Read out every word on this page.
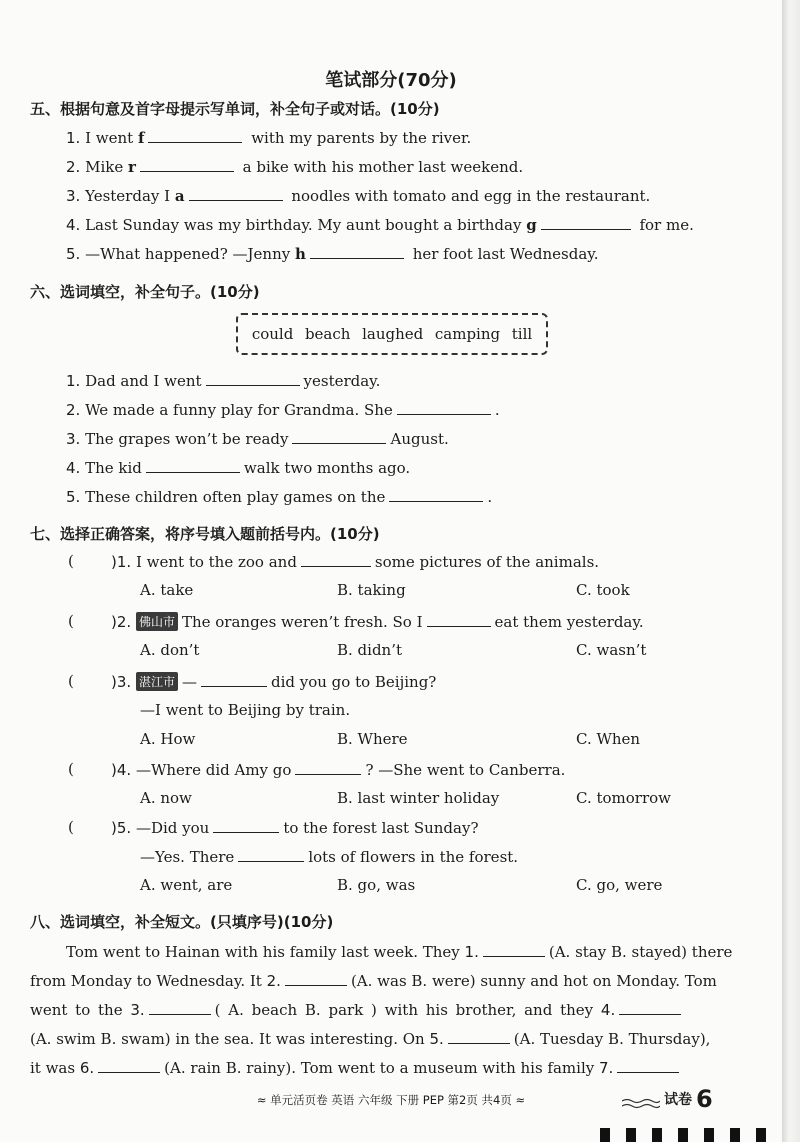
笔试部分(70分)
五、根据句意及首字母提示写单词，补全句子或对话。(10分)
1. I went f	with my parents by the river.
2. Mike r	a bike with his mother last weekend.
3. Yesterday I a	noodles with tomato and egg in the restaurant.
4. Last Sunday was my birthday. My aunt bought a birthday g	for me.
5. —What happened? —Jenny h	her foot last Wednesday.
六、选词填空，补全句子。(10分)
could beach laughed camping till
1. Dad and I went	yesterday.
2. We made a funny play for Grandma. She	.
3. The grapes won’t be ready	August.
4. The kid	walk two months ago.
5. These children often play games on the	.
七、选择正确答案，将序号填入题前括号内。(10分)
( )1. I went to the zoo and	some pictures of the animals.
A. take	B. taking	C. took
( )2. 佛山市 The oranges weren’t fresh. So I	eat them yesterday.
A. don’t	B. didn’t	C. wasn’t
( )3. 湛江市 —	did you go to Beijing?
—I went to Beijing by train.
A. How	B. Where	C. When
( )4. —Where did Amy go	? —She went to Canberra.
A. now	B. last winter holiday	C. tomorrow
( )5. —Did you	to the forest last Sunday?
—Yes. There	lots of flowers in the forest.
A. went, are	B. go, was	C. go, were
八、选词填空，补全短文。(只填序号)(10分)
Tom went to Hainan with his family last week. They 1.	(A. stay B. stayed) there
from Monday to Wednesday. It 2.	(A. was B. were) sunny and hot on Monday. Tom
went to the 3.	( A. beach B. park ) with his brother, and they 4.
(A. swim B. swam) in the sea. It was interesting. On 5.	(A. Tuesday B. Thursday),
it was 6.	(A. rain B. rainy). Tom went to a museum with his family 7.
≈ 单元活页卷 英语 六年级 下册 PEP 第2页 共4页 ≈	试卷 6
